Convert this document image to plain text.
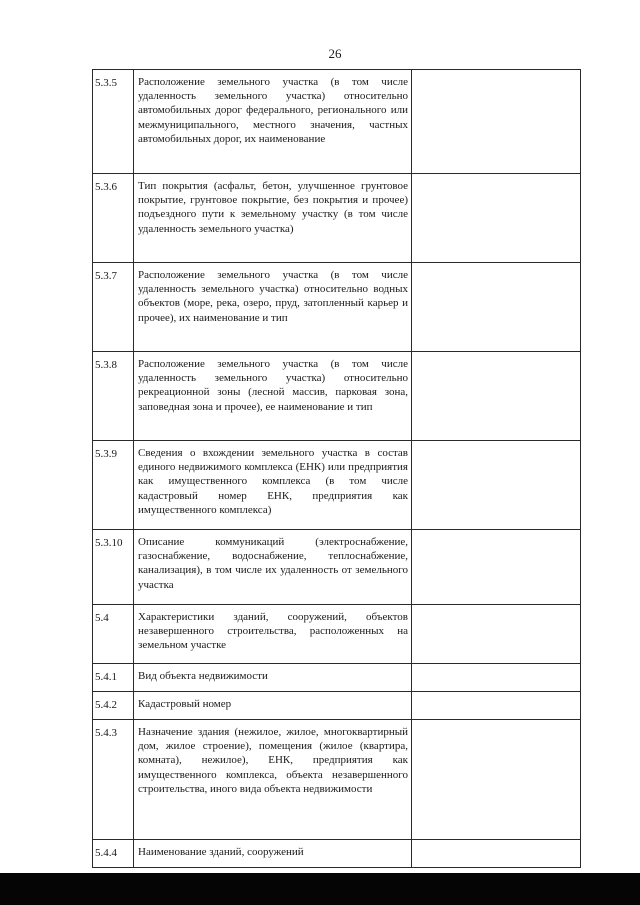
26
5.3.5	Расположение земельного участка (в том числе удаленность земельного участка) относительно автомобильных дорог федерального, регионального или межмуниципального, местного значения, частных автомобильных дорог, их наименование	
5.3.6	Тип покрытия (асфальт, бетон, улучшенное грунтовое покрытие, грунтовое покрытие, без покрытия и прочее) подъездного пути к земельному участку (в том числе удаленность земельного участка)	
5.3.7	Расположение земельного участка (в том числе удаленность земельного участка) относительно водных объектов (море, река, озеро, пруд, затопленный карьер и прочее), их наименование и тип	
5.3.8	Расположение земельного участка (в том числе удаленность земельного участка) относительно рекреационной зоны (лесной массив, парковая зона, заповедная зона и прочее), ее наименование и тип	
5.3.9	Сведения о вхождении земельного участка в состав единого недвижимого комплекса (ЕНК) или предприятия как имущественного комплекса (в том числе кадастровый номер ЕНК, предприятия как имущественного комплекса)	
5.3.10	Описание коммуникаций (электроснабжение, газоснабжение, водоснабжение, теплоснабжение, канализация), в том числе их удаленность от земельного участка	
5.4	Характеристики зданий, сооружений, объектов незавершенного строительства, расположенных на земельном участке	
5.4.1	Вид объекта недвижимости	
5.4.2	Кадастровый номер	
5.4.3	Назначение здания (нежилое, жилое, многоквартирный дом, жилое строение), помещения (жилое (квартира, комната), нежилое), ЕНК, предприятия как имущественного комплекса, объекта незавершенного строительства, иного вида объекта недвижимости	
5.4.4	Наименование зданий, сооружений	
